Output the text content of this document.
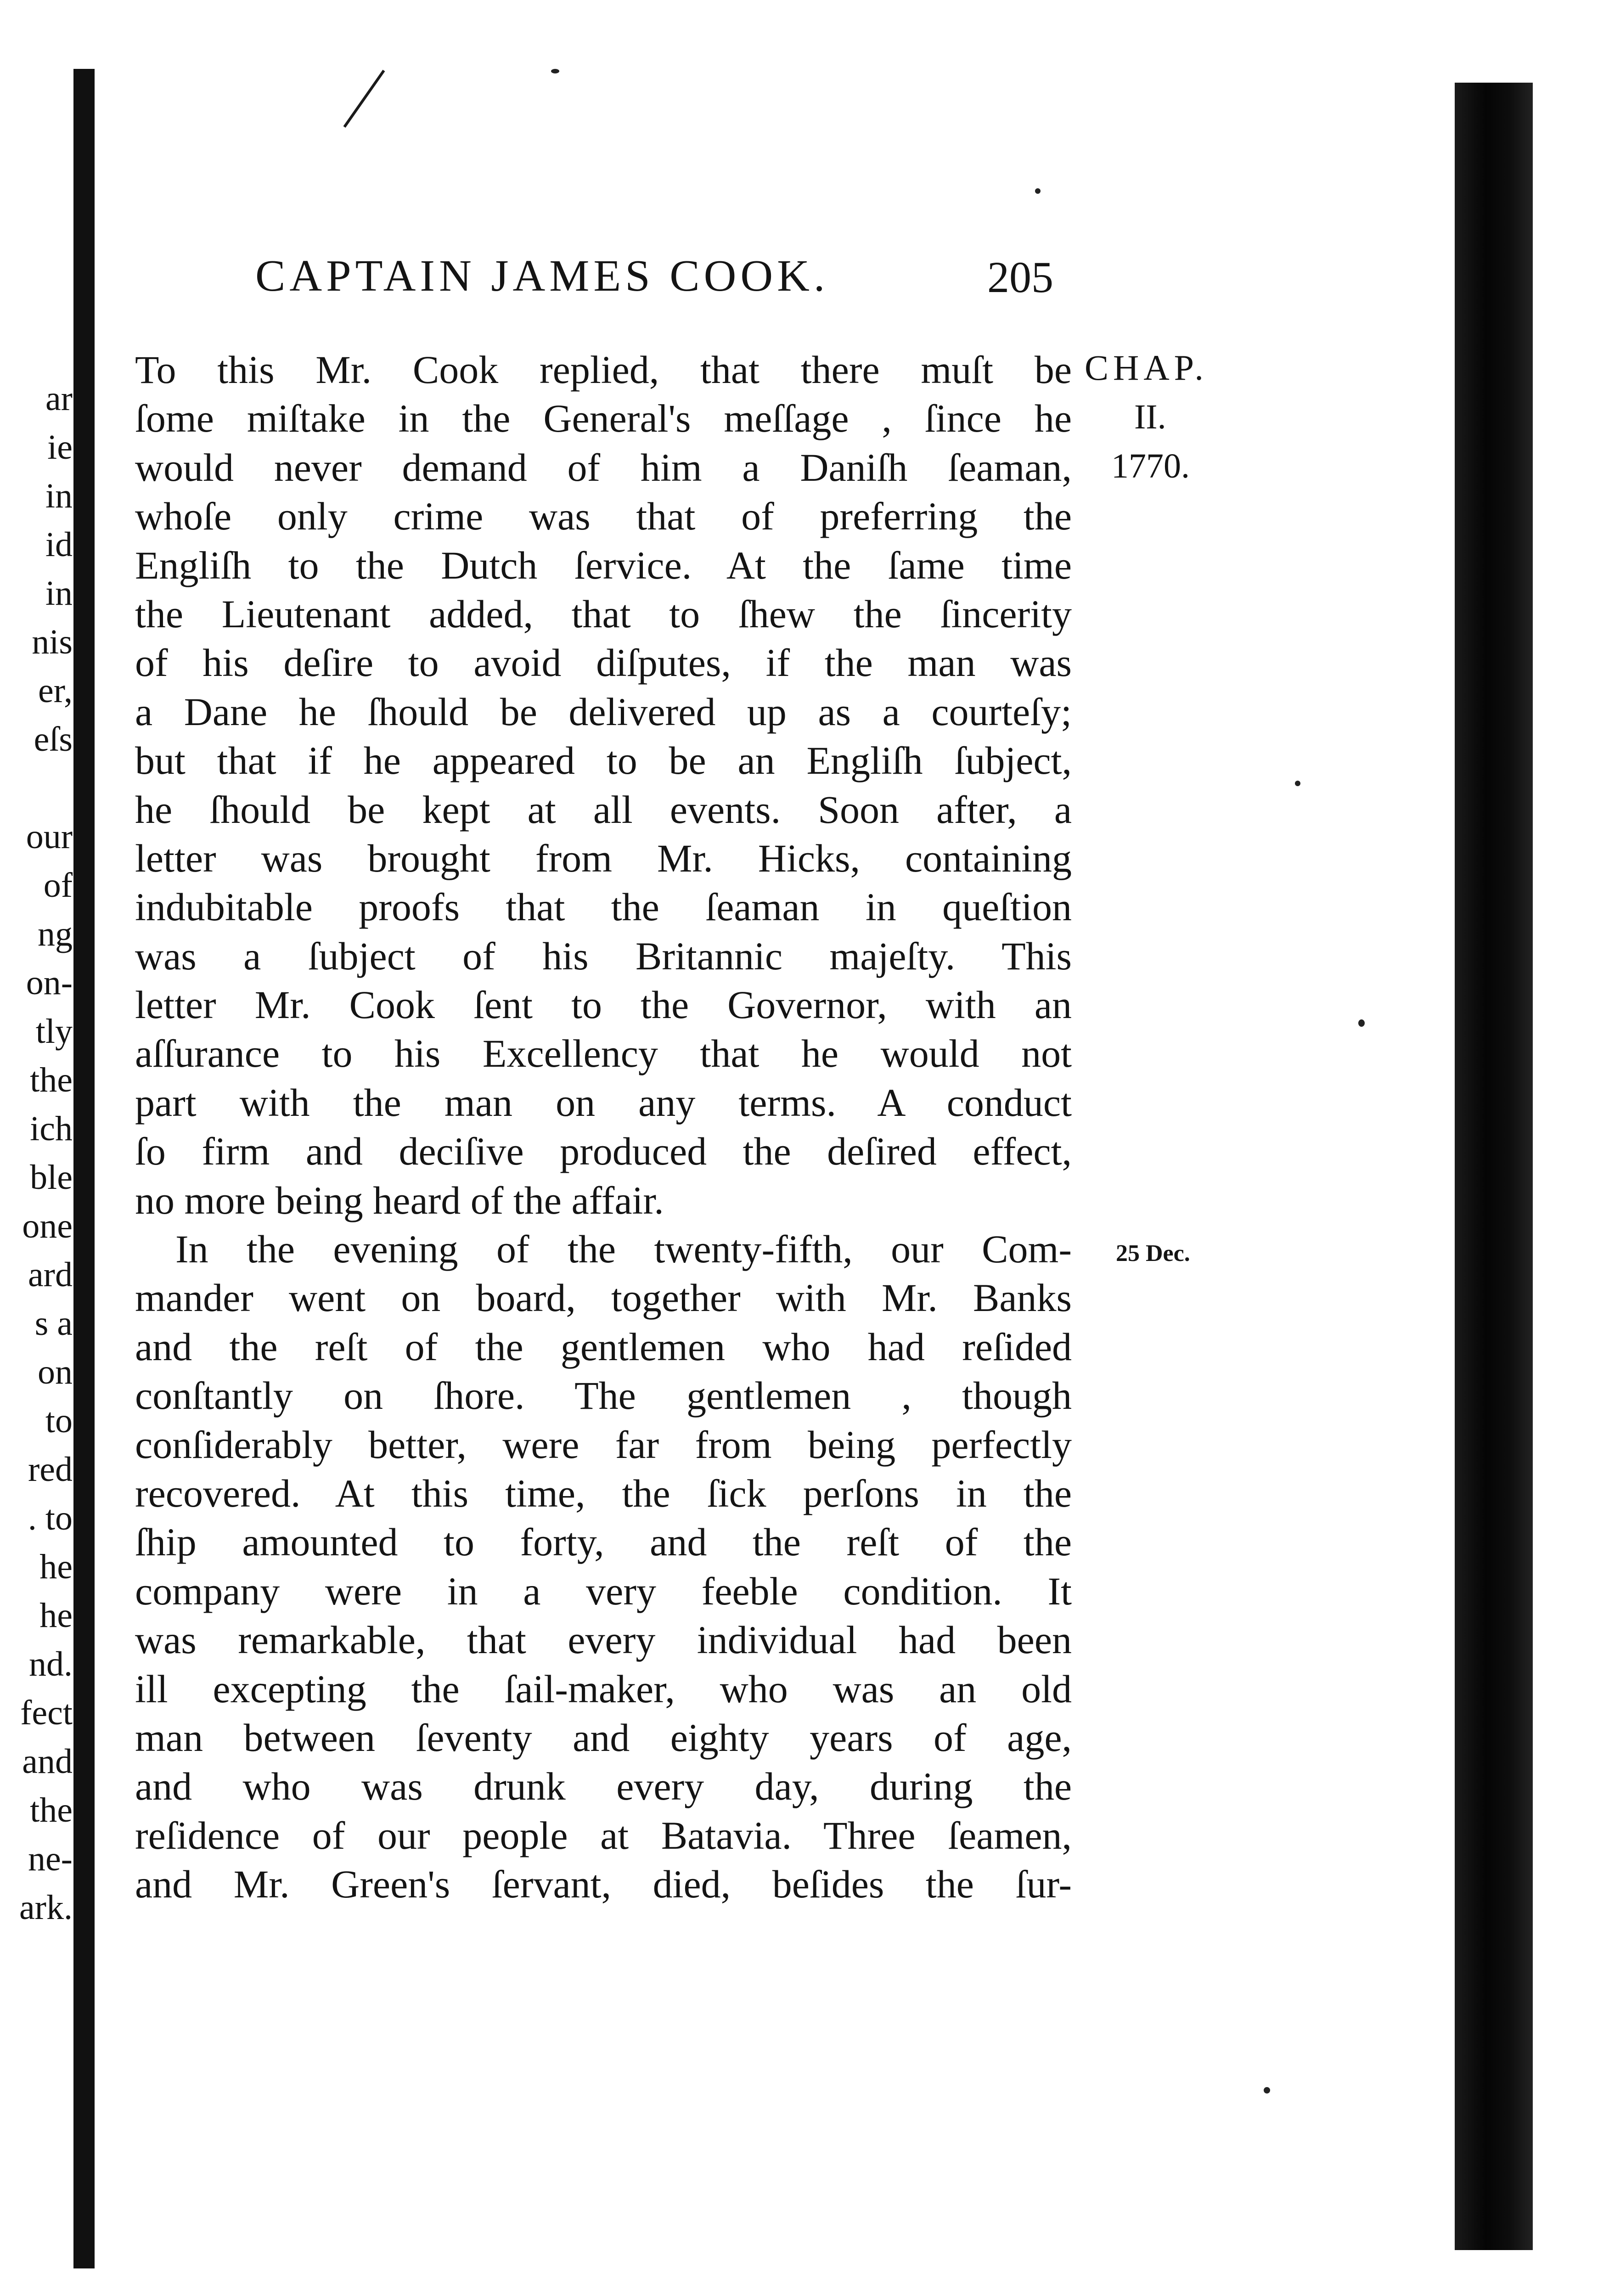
ar
ie
in
id
in
nis
er,
eſs
our
of
ng
on-
tly
the
ich
ble
one
ard
s a
on
to
red
. to
he
he
nd.
fect
and
the
ne-
ark.
CAPTAIN JAMES COOK.	205
CHAP.
II.
1770.
25 Dec.
To this Mr. Cook replied, that there muſt be
ſome miſtake in the General's meſſage , ſince he
would never demand of him a Daniſh ſeaman,
whoſe only crime was that of preferring the
Engliſh to the Dutch ſervice. At the ſame time
the Lieutenant added, that to ſhew the ſincerity
of his deſire to avoid diſputes, if the man was
a Dane he ſhould be delivered up as a courteſy;
but that if he appeared to be an Engliſh ſubject,
he ſhould be kept at all events. Soon after, a
letter was brought from Mr. Hicks, containing
indubitable proofs that the ſeaman in queſtion
was a ſubject of his Britannic majeſty. This
letter Mr. Cook ſent to the Governor, with an
aſſurance to his Excellency that he would not
part with the man on any terms. A conduct
ſo firm and deciſive produced the deſired effect,
no more being heard of the affair.
In the evening of the twenty-fifth, our Com-
mander went on board, together with Mr. Banks
and the reſt of the gentlemen who had reſided
conſtantly on ſhore. The gentlemen , though
conſiderably better, were far from being perfectly
recovered. At this time, the ſick perſons in the
ſhip amounted to forty, and the reſt of the
company were in a very feeble condition. It
was remarkable, that every individual had been
ill excepting the ſail-maker, who was an old
man between ſeventy and eighty years of age,
and who was drunk every day, during the
reſidence of our people at Batavia. Three ſeamen,
and Mr. Green's ſervant, died, beſides the ſur-
